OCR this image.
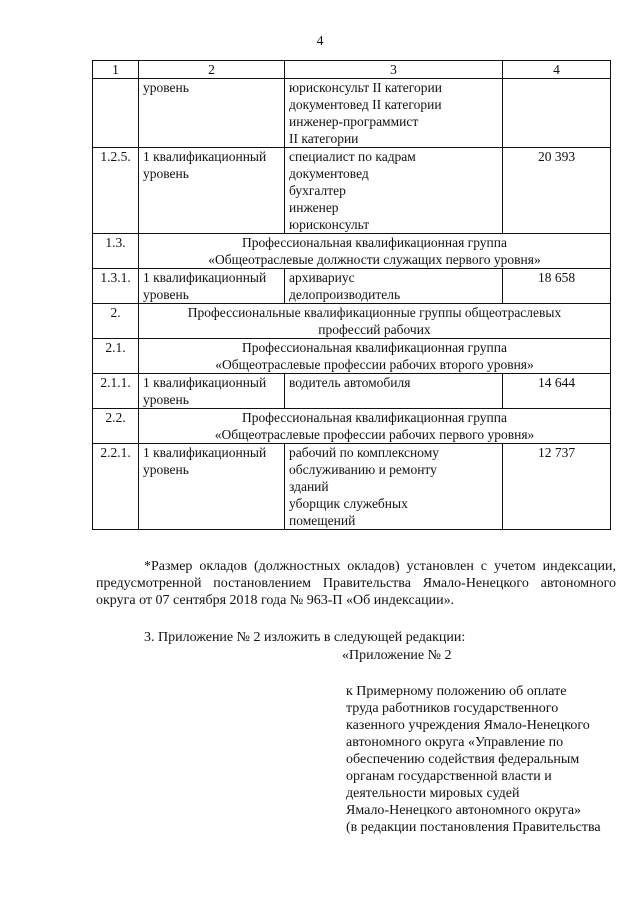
4
1	2	3	4
	уровень	юрисконсульт II категории
документовед II категории
инженер-программист
II категории	
1.2.5.	1 квалификационный уровень	специалист по кадрам
документовед
бухгалтер
инженер
юрисконсульт	20 393
1.3.	Профессиональная квалификационная группа
«Общеотраслевые должности служащих первого уровня»		
1.3.1.	1 квалификационный уровень	архивариус
делопроизводитель	18 658
2.	Профессиональные квалификационные группы общеотраслевых
профессий рабочих		
2.1.	Профессиональная квалификационная группа
«Общеотраслевые профессии рабочих второго уровня»		
2.1.1.	1 квалификационный уровень	водитель автомобиля	14 644
2.2.	Профессиональная квалификационная группа
«Общеотраслевые профессии рабочих первого уровня»		
2.2.1.	1 квалификационный уровень	рабочий по комплексному
обслуживанию и ремонту
зданий
уборщик служебных
помещений	12 737
*Размер окладов (должностных окладов) установлен с учетом индексации, предусмотренной постановлением Правительства Ямало-Ненецкого автономного округа от 07 сентября 2018 года № 963-П «Об индексации».
3. Приложение № 2 изложить в следующей редакции:
«Приложение № 2
к Примерному положению об оплате
труда работников государственного
казенного учреждения Ямало-Ненецкого
автономного округа «Управление по
обеспечению содействия федеральным
органам государственной власти и
деятельности мировых судей
Ямало-Ненецкого автономного округа»
(в редакции постановления Правительства
